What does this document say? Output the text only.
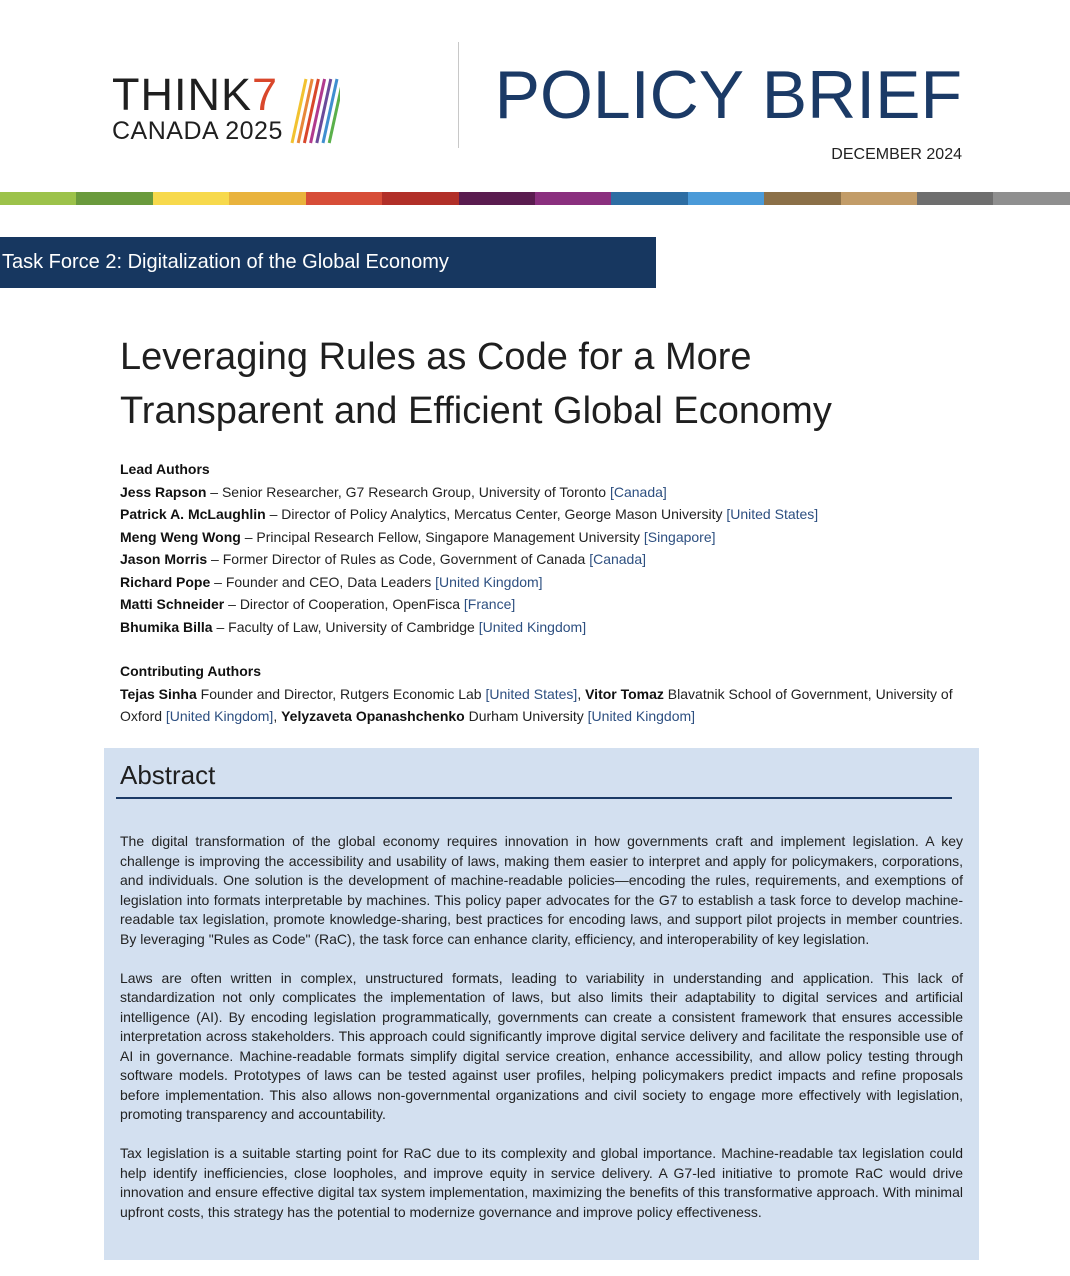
THINK7
CANADA 2025	POLICY BRIEF
DECEMBER 2024
Task Force 2: Digitalization of the Global Economy
Leveraging Rules as Code for a More
Transparent and Efficient Global Economy
Lead Authors
Jess Rapson – Senior Researcher, G7 Research Group, University of Toronto [Canada]
Patrick A. McLaughlin – Director of Policy Analytics, Mercatus Center, George Mason University [United States]
Meng Weng Wong – Principal Research Fellow, Singapore Management University [Singapore]
Jason Morris – Former Director of Rules as Code, Government of Canada [Canada]
Richard Pope – Founder and CEO, Data Leaders [United Kingdom]
Matti Schneider – Director of Cooperation, OpenFisca [France]
Bhumika Billa – Faculty of Law, University of Cambridge [United Kingdom]
Contributing Authors
Tejas Sinha Founder and Director, Rutgers Economic Lab [United States], Vitor Tomaz Blavatnik School of Government, University of Oxford [United Kingdom], Yelyzaveta Opanashchenko Durham University [United Kingdom]
Abstract

The digital transformation of the global economy requires innovation in how governments craft and implement legislation. A key challenge is improving the accessibility and usability of laws, making them easier to interpret and apply for policymakers, corporations, and individuals. One solution is the development of machine-readable policies—encoding the rules, requirements, and exemptions of legislation into formats interpretable by machines. This policy paper advocates for the G7 to establish a task force to develop machine-readable tax legislation, promote knowledge-sharing, best practices for encoding laws, and support pilot projects in member countries. By leveraging "Rules as Code" (RaC), the task force can enhance clarity, efficiency, and interoperability of key legislation.

Laws are often written in complex, unstructured formats, leading to variability in understanding and application. This lack of standardization not only complicates the implementation of laws, but also limits their adaptability to digital services and artificial intelligence (AI). By encoding legislation programmatically, governments can create a consistent framework that ensures accessible interpretation across stakeholders. This approach could significantly improve digital service delivery and facilitate the responsible use of AI in governance. Machine-readable formats simplify digital service creation, enhance accessibility, and allow policy testing through software models. Prototypes of laws can be tested against user profiles, helping policymakers predict impacts and refine proposals before implementation. This also allows non-governmental organizations and civil society to engage more effectively with legislation, promoting transparency and accountability.

Tax legislation is a suitable starting point for RaC due to its complexity and global importance. Machine-readable tax legislation could help identify inefficiencies, close loopholes, and improve equity in service delivery. A G7-led initiative to promote RaC would drive innovation and ensure effective digital tax system implementation, maximizing the benefits of this transformative approach. With minimal upfront costs, this strategy has the potential to modernize governance and improve policy effectiveness.
